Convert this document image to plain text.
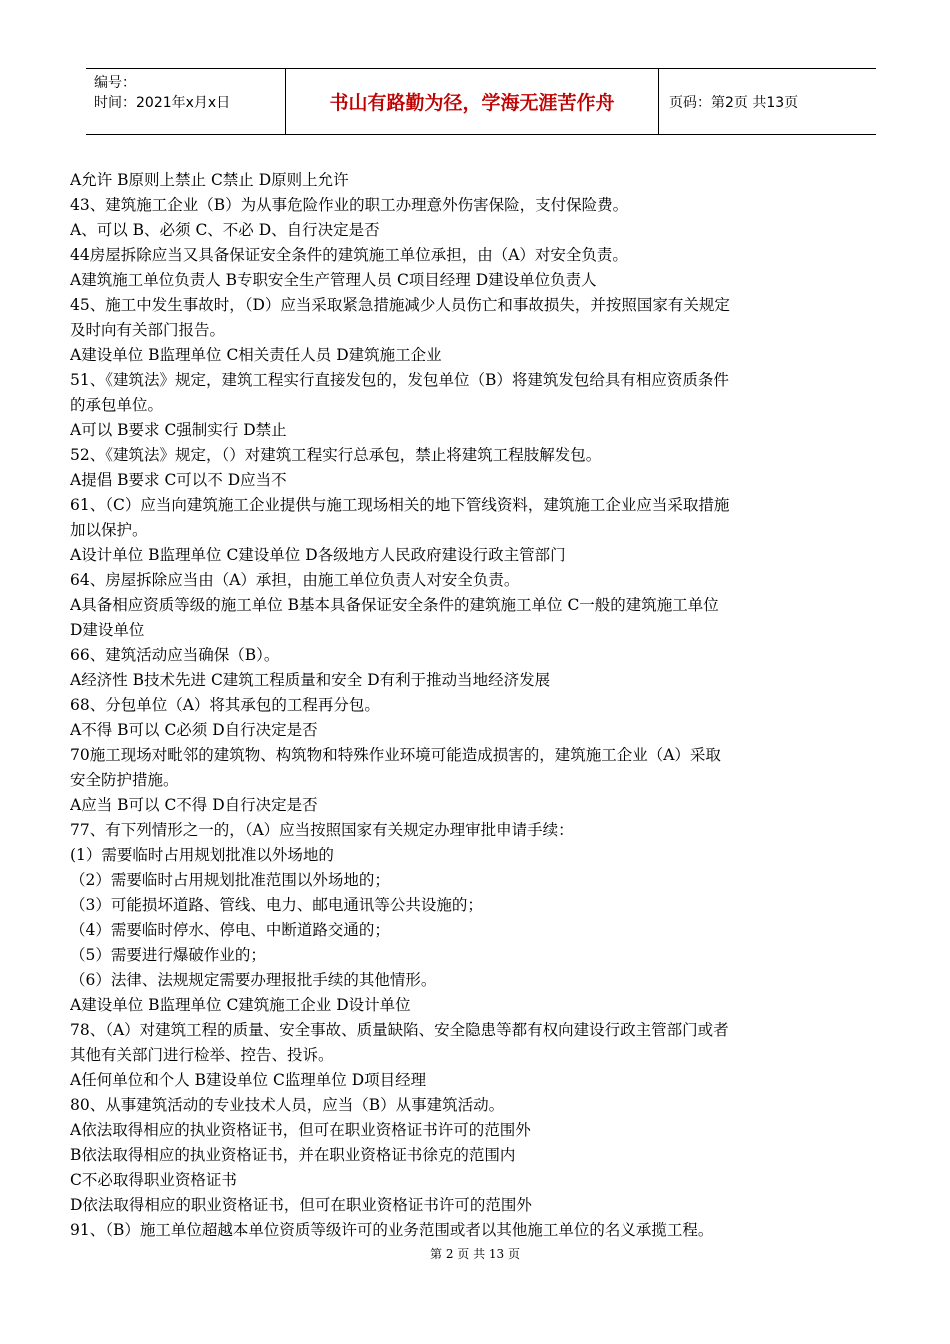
编号：
时间：2021年x月x日	书山有路勤为径，学海无涯苦作舟	页码：第2页 共13页
A允许 B原则上禁止 C禁止 D原则上允许
43、建筑施工企业（B）为从事危险作业的职工办理意外伤害保险，支付保险费。
A、可以 B、必须 C、不必 D、自行决定是否
44房屋拆除应当又具备保证安全条件的建筑施工单位承担，由（A）对安全负责。
A建筑施工单位负责人 B专职安全生产管理人员 C项目经理 D建设单位负责人
45、施工中发生事故时，（D）应当采取紧急措施减少人员伤亡和事故损失，并按照国家有关规定
及时向有关部门报告。
A建设单位 B监理单位 C相关责任人员 D建筑施工企业
51、《建筑法》规定，建筑工程实行直接发包的，发包单位（B）将建筑发包给具有相应资质条件
的承包单位。
A可以 B要求 C强制实行 D禁止
52、《建筑法》规定，（）对建筑工程实行总承包，禁止将建筑工程肢解发包。
A提倡 B要求 C可以不 D应当不
61、（C）应当向建筑施工企业提供与施工现场相关的地下管线资料，建筑施工企业应当采取措施
加以保护。
A设计单位 B监理单位 C建设单位 D各级地方人民政府建设行政主管部门
64、房屋拆除应当由（A）承担，由施工单位负责人对安全负责。
A具备相应资质等级的施工单位 B基本具备保证安全条件的建筑施工单位 C一般的建筑施工单位
D建设单位
66、建筑活动应当确保（B）。
A经济性 B技术先进 C建筑工程质量和安全 D有利于推动当地经济发展
68、分包单位（A）将其承包的工程再分包。
A不得 B可以 C必须 D自行决定是否
70施工现场对毗邻的建筑物、构筑物和特殊作业环境可能造成损害的，建筑施工企业（A）采取
安全防护措施。
A应当 B可以 C不得 D自行决定是否
77、有下列情形之一的，（A）应当按照国家有关规定办理审批申请手续：
(1）需要临时占用规划批准以外场地的
（2）需要临时占用规划批准范围以外场地的；
（3）可能损坏道路、管线、电力、邮电通讯等公共设施的；
（4）需要临时停水、停电、中断道路交通的；
（5）需要进行爆破作业的；
（6）法律、法规规定需要办理报批手续的其他情形。
A建设单位 B监理单位 C建筑施工企业 D设计单位
78、（A）对建筑工程的质量、安全事故、质量缺陷、安全隐患等都有权向建设行政主管部门或者
其他有关部门进行检举、控告、投诉。
A任何单位和个人 B建设单位 C监理单位 D项目经理
80、从事建筑活动的专业技术人员，应当（B）从事建筑活动。
A依法取得相应的执业资格证书，但可在职业资格证书许可的范围外
B依法取得相应的执业资格证书，并在职业资格证书徐克的范围内
C不必取得职业资格证书
D依法取得相应的职业资格证书，但可在职业资格证书许可的范围外
91、（B）施工单位超越本单位资质等级许可的业务范围或者以其他施工单位的名义承揽工程。
第 2 页 共 13 页
